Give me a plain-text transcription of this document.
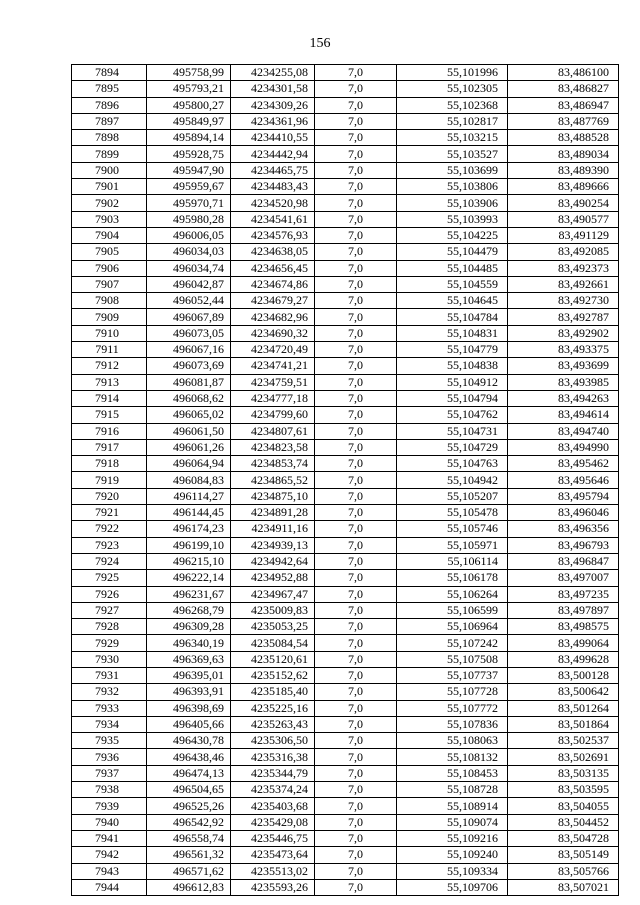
156
7894	495758,99	4234255,08	7,0	55,101996	83,486100
7895	495793,21	4234301,58	7,0	55,102305	83,486827
7896	495800,27	4234309,26	7,0	55,102368	83,486947
7897	495849,97	4234361,96	7,0	55,102817	83,487769
7898	495894,14	4234410,55	7,0	55,103215	83,488528
7899	495928,75	4234442,94	7,0	55,103527	83,489034
7900	495947,90	4234465,75	7,0	55,103699	83,489390
7901	495959,67	4234483,43	7,0	55,103806	83,489666
7902	495970,71	4234520,98	7,0	55,103906	83,490254
7903	495980,28	4234541,61	7,0	55,103993	83,490577
7904	496006,05	4234576,93	7,0	55,104225	83,491129
7905	496034,03	4234638,05	7,0	55,104479	83,492085
7906	496034,74	4234656,45	7,0	55,104485	83,492373
7907	496042,87	4234674,86	7,0	55,104559	83,492661
7908	496052,44	4234679,27	7,0	55,104645	83,492730
7909	496067,89	4234682,96	7,0	55,104784	83,492787
7910	496073,05	4234690,32	7,0	55,104831	83,492902
7911	496067,16	4234720,49	7,0	55,104779	83,493375
7912	496073,69	4234741,21	7,0	55,104838	83,493699
7913	496081,87	4234759,51	7,0	55,104912	83,493985
7914	496068,62	4234777,18	7,0	55,104794	83,494263
7915	496065,02	4234799,60	7,0	55,104762	83,494614
7916	496061,50	4234807,61	7,0	55,104731	83,494740
7917	496061,26	4234823,58	7,0	55,104729	83,494990
7918	496064,94	4234853,74	7,0	55,104763	83,495462
7919	496084,83	4234865,52	7,0	55,104942	83,495646
7920	496114,27	4234875,10	7,0	55,105207	83,495794
7921	496144,45	4234891,28	7,0	55,105478	83,496046
7922	496174,23	4234911,16	7,0	55,105746	83,496356
7923	496199,10	4234939,13	7,0	55,105971	83,496793
7924	496215,10	4234942,64	7,0	55,106114	83,496847
7925	496222,14	4234952,88	7,0	55,106178	83,497007
7926	496231,67	4234967,47	7,0	55,106264	83,497235
7927	496268,79	4235009,83	7,0	55,106599	83,497897
7928	496309,28	4235053,25	7,0	55,106964	83,498575
7929	496340,19	4235084,54	7,0	55,107242	83,499064
7930	496369,63	4235120,61	7,0	55,107508	83,499628
7931	496395,01	4235152,62	7,0	55,107737	83,500128
7932	496393,91	4235185,40	7,0	55,107728	83,500642
7933	496398,69	4235225,16	7,0	55,107772	83,501264
7934	496405,66	4235263,43	7,0	55,107836	83,501864
7935	496430,78	4235306,50	7,0	55,108063	83,502537
7936	496438,46	4235316,38	7,0	55,108132	83,502691
7937	496474,13	4235344,79	7,0	55,108453	83,503135
7938	496504,65	4235374,24	7,0	55,108728	83,503595
7939	496525,26	4235403,68	7,0	55,108914	83,504055
7940	496542,92	4235429,08	7,0	55,109074	83,504452
7941	496558,74	4235446,75	7,0	55,109216	83,504728
7942	496561,32	4235473,64	7,0	55,109240	83,505149
7943	496571,62	4235513,02	7,0	55,109334	83,505766
7944	496612,83	4235593,26	7,0	55,109706	83,507021
